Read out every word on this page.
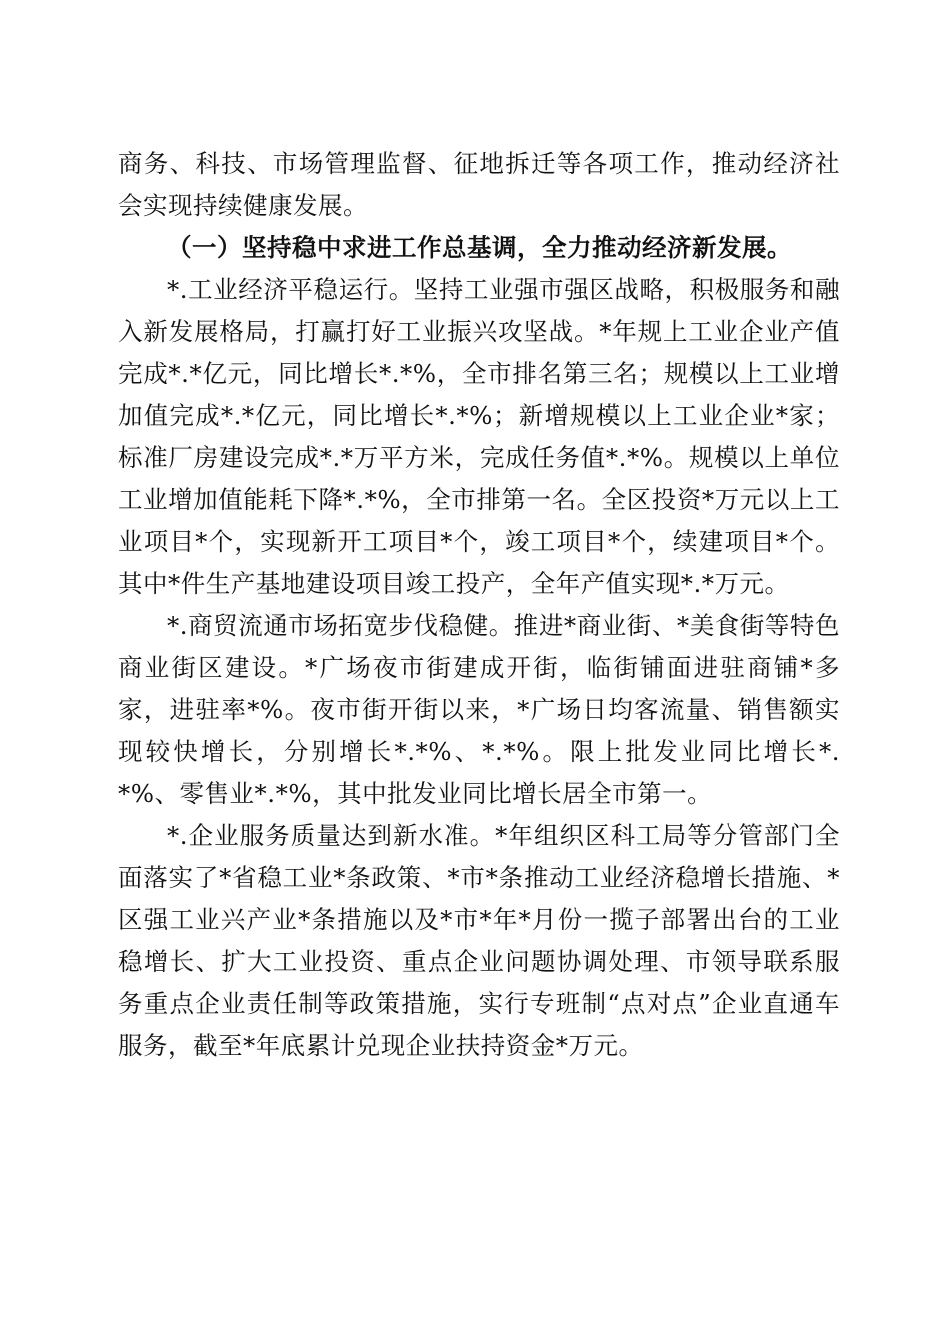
商务、科技、市场管理监督、征地拆迁等各项工作，推动经济社会实现持续健康发展。

（一）坚持稳中求进工作总基调，全力推动经济新发展。

*.工业经济平稳运行。坚持工业强市强区战略，积极服务和融入新发展格局，打赢打好工业振兴攻坚战。*年规上工业企业产值完成*.*亿元，同比增长*.*%，全市排名第三名；规模以上工业增加值完成*.*亿元，同比增长*.*%；新增规模以上工业企业*家；标准厂房建设完成*.*万平方米，完成任务值*.*%。规模以上单位工业增加值能耗下降*.*%，全市排第一名。全区投资*万元以上工业项目*个，实现新开工项目*个，竣工项目*个，续建项目*个。其中*件生产基地建设项目竣工投产，全年产值实现*.*万元。

*.商贸流通市场拓宽步伐稳健。推进*商业街、*美食街等特色商业街区建设。*广场夜市街建成开街，临街铺面进驻商铺*多家，进驻率*%。夜市街开街以来，*广场日均客流量、销售额实现较快增长，分别增长*.*%、*.*%。限上批发业同比增长*.*%、零售业*.*%，其中批发业同比增长居全市第一。

*.企业服务质量达到新水准。*年组织区科工局等分管部门全面落实了*省稳工业*条政策、*市*条推动工业经济稳增长措施、*区强工业兴产业*条措施以及*市*年*月份一揽子部署出台的工业稳增长、扩大工业投资、重点企业问题协调处理、市领导联系服务重点企业责任制等政策措施，实行专班制“点对点”企业直通车服务，截至*年底累计兑现企业扶持资金*万元。
